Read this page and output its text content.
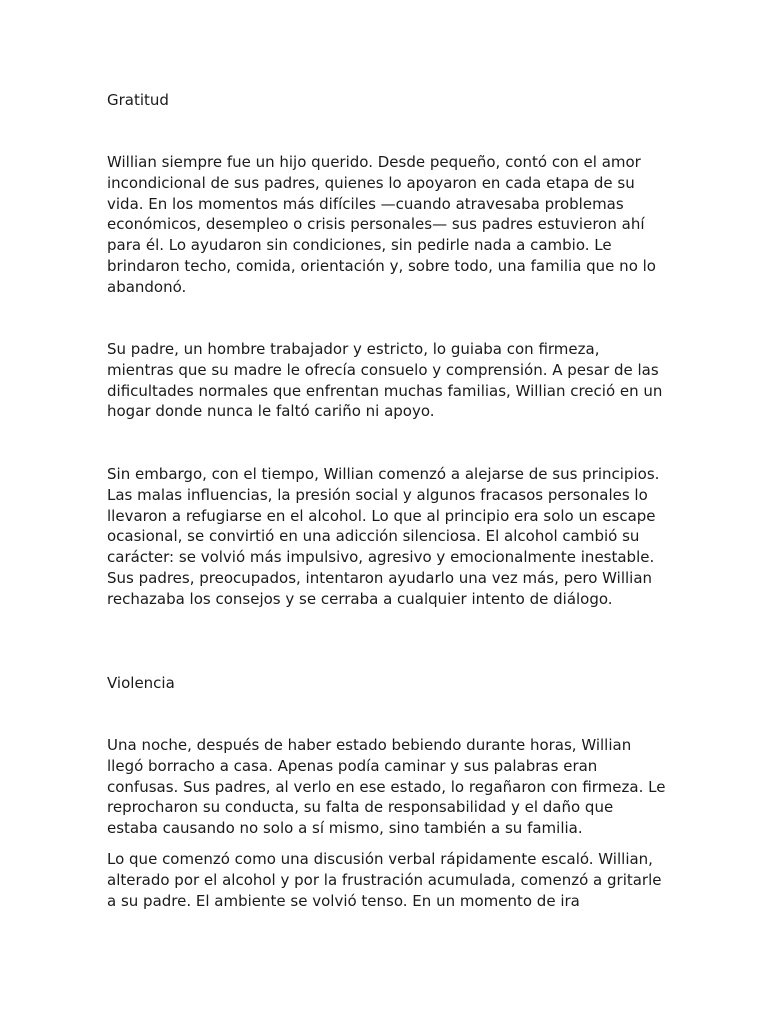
Gratitud

Willian siempre fue un hijo querido. Desde pequeño, contó con el amor incondicional de sus padres, quienes lo apoyaron en cada etapa de su vida. En los momentos más difíciles —cuando atravesaba problemas económicos, desempleo o crisis personales— sus padres estuvieron ahí para él. Lo ayudaron sin condiciones, sin pedirle nada a cambio. Le brindaron techo, comida, orientación y, sobre todo, una familia que no lo abandonó.

Su padre, un hombre trabajador y estricto, lo guiaba con firmeza, mientras que su madre le ofrecía consuelo y comprensión. A pesar de las dificultades normales que enfrentan muchas familias, Willian creció en un hogar donde nunca le faltó cariño ni apoyo.

Sin embargo, con el tiempo, Willian comenzó a alejarse de sus principios. Las malas influencias, la presión social y algunos fracasos personales lo llevaron a refugiarse en el alcohol. Lo que al principio era solo un escape ocasional, se convirtió en una adicción silenciosa. El alcohol cambió su carácter: se volvió más impulsivo, agresivo y emocionalmente inestable. Sus padres, preocupados, intentaron ayudarlo una vez más, pero Willian rechazaba los consejos y se cerraba a cualquier intento de diálogo.

Violencia

Una noche, después de haber estado bebiendo durante horas, Willian llegó borracho a casa. Apenas podía caminar y sus palabras eran confusas. Sus padres, al verlo en ese estado, lo regañaron con firmeza. Le reprocharon su conducta, su falta de responsabilidad y el daño que estaba causando no solo a sí mismo, sino también a su familia.

Lo que comenzó como una discusión verbal rápidamente escaló. Willian, alterado por el alcohol y por la frustración acumulada, comenzó a gritarle a su padre. El ambiente se volvió tenso. En un momento de ira
